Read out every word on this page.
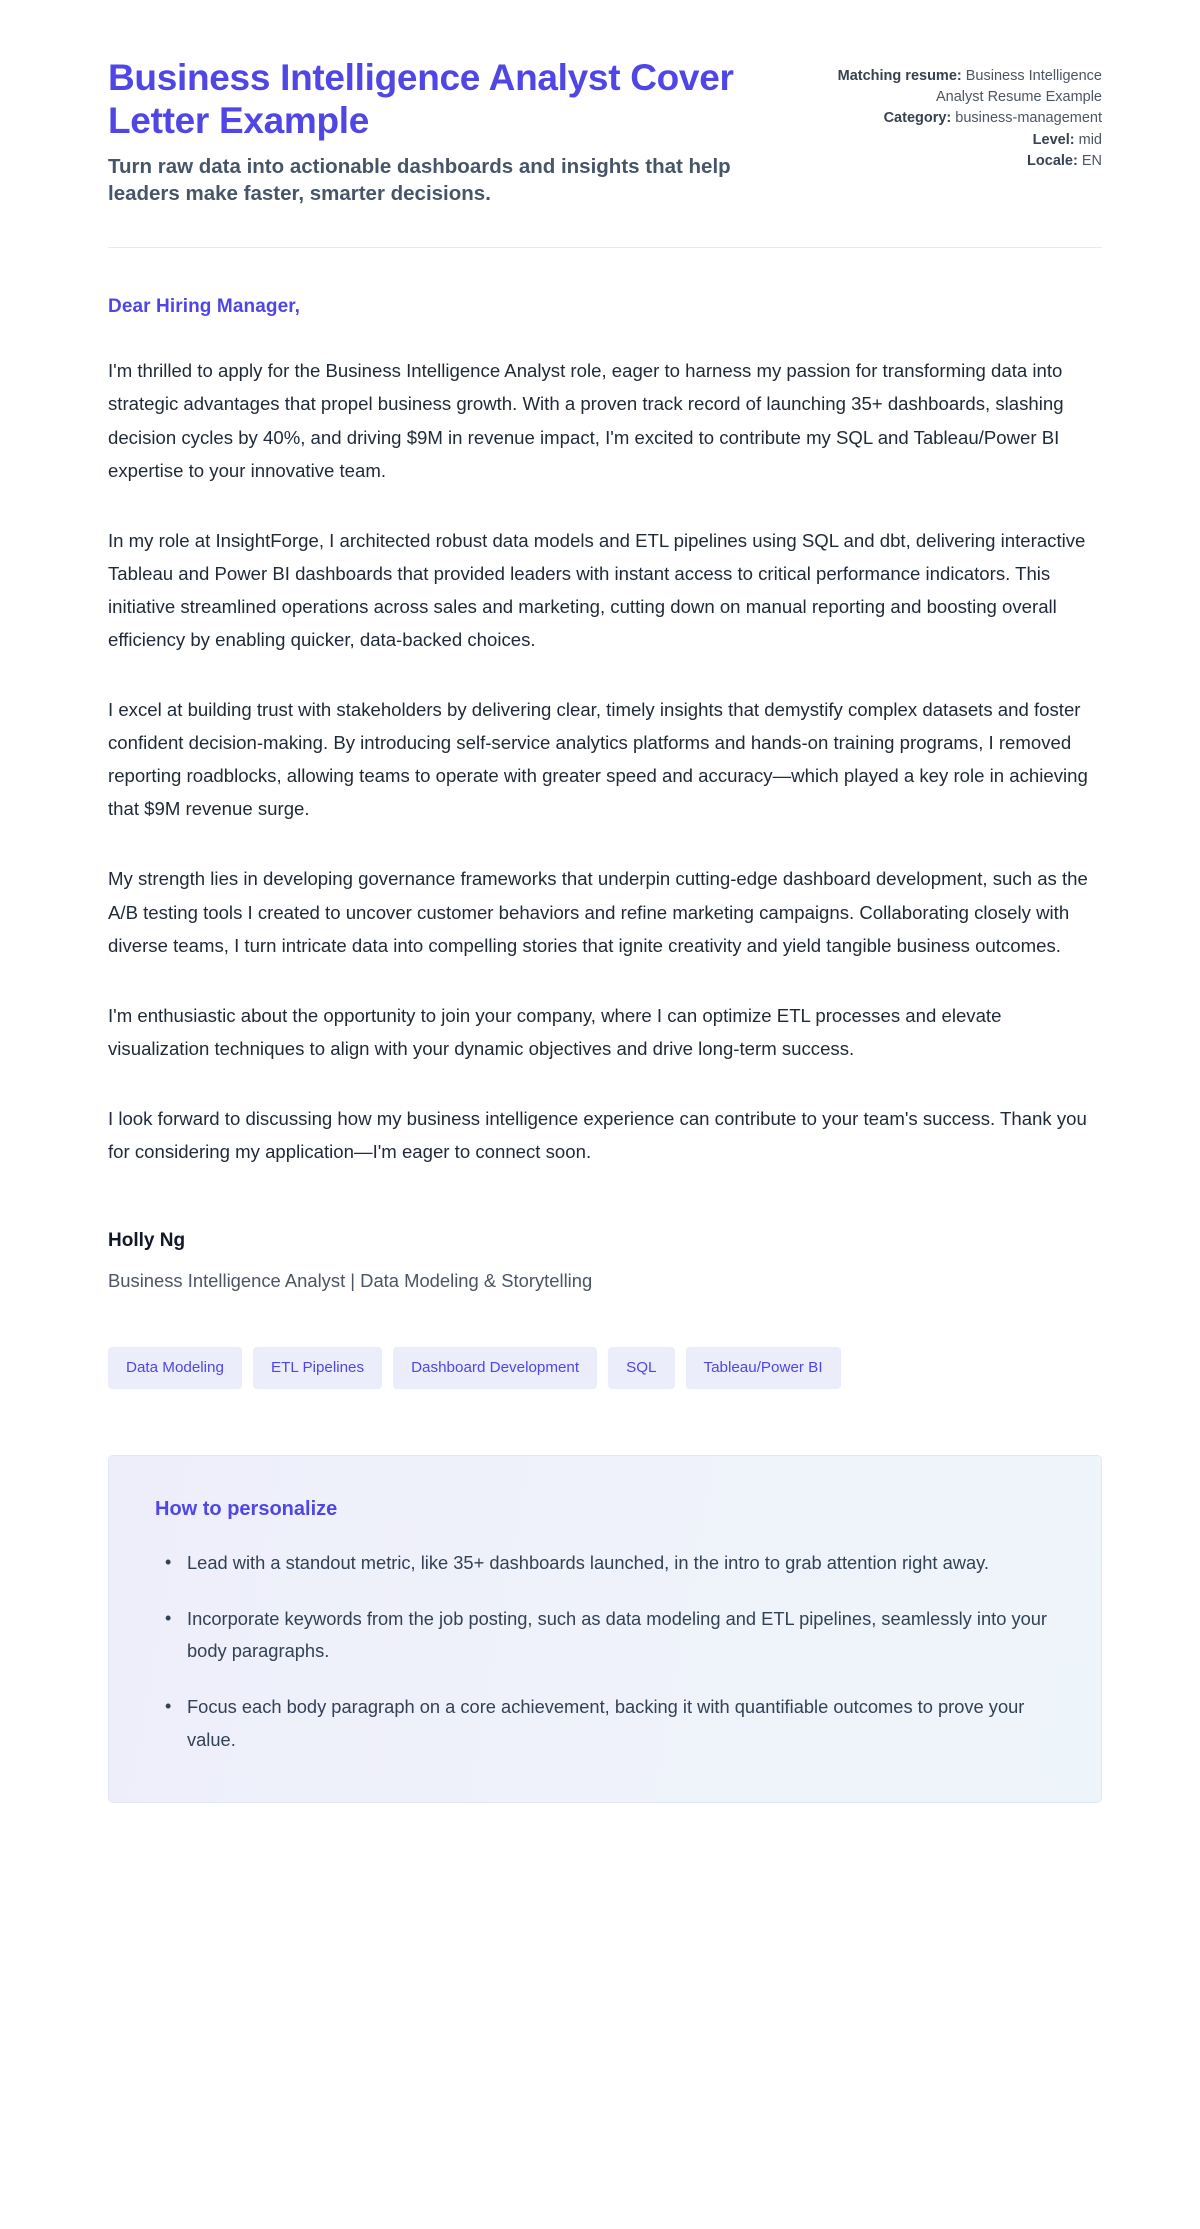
Business Intelligence Analyst Cover Letter Example

Turn raw data into actionable dashboards and insights that help leaders make faster, smarter decisions.

Matching resume: Business Intelligence Analyst Resume Example
Category: business-management
Level: mid
Locale: EN

Dear Hiring Manager,

I'm thrilled to apply for the Business Intelligence Analyst role, eager to harness my passion for transforming data into strategic advantages that propel business growth. With a proven track record of launching 35+ dashboards, slashing decision cycles by 40%, and driving $9M in revenue impact, I'm excited to contribute my SQL and Tableau/Power BI expertise to your innovative team.

In my role at InsightForge, I architected robust data models and ETL pipelines using SQL and dbt, delivering interactive Tableau and Power BI dashboards that provided leaders with instant access to critical performance indicators. This initiative streamlined operations across sales and marketing, cutting down on manual reporting and boosting overall efficiency by enabling quicker, data-backed choices.

I excel at building trust with stakeholders by delivering clear, timely insights that demystify complex datasets and foster confident decision-making. By introducing self-service analytics platforms and hands-on training programs, I removed reporting roadblocks, allowing teams to operate with greater speed and accuracy—which played a key role in achieving that $9M revenue surge.

My strength lies in developing governance frameworks that underpin cutting-edge dashboard development, such as the A/B testing tools I created to uncover customer behaviors and refine marketing campaigns. Collaborating closely with diverse teams, I turn intricate data into compelling stories that ignite creativity and yield tangible business outcomes.

I'm enthusiastic about the opportunity to join your company, where I can optimize ETL processes and elevate visualization techniques to align with your dynamic objectives and drive long-term success.

I look forward to discussing how my business intelligence experience can contribute to your team's success. Thank you for considering my application—I'm eager to connect soon.

Holly Ng

Business Intelligence Analyst | Data Modeling & Storytelling

Data Modeling	ETL Pipelines	Dashboard Development	SQL	Tableau/Power BI

How to personalize

• Lead with a standout metric, like 35+ dashboards launched, in the intro to grab attention right away.
• Incorporate keywords from the job posting, such as data modeling and ETL pipelines, seamlessly into your body paragraphs.
• Focus each body paragraph on a core achievement, backing it with quantifiable outcomes to prove your value.
